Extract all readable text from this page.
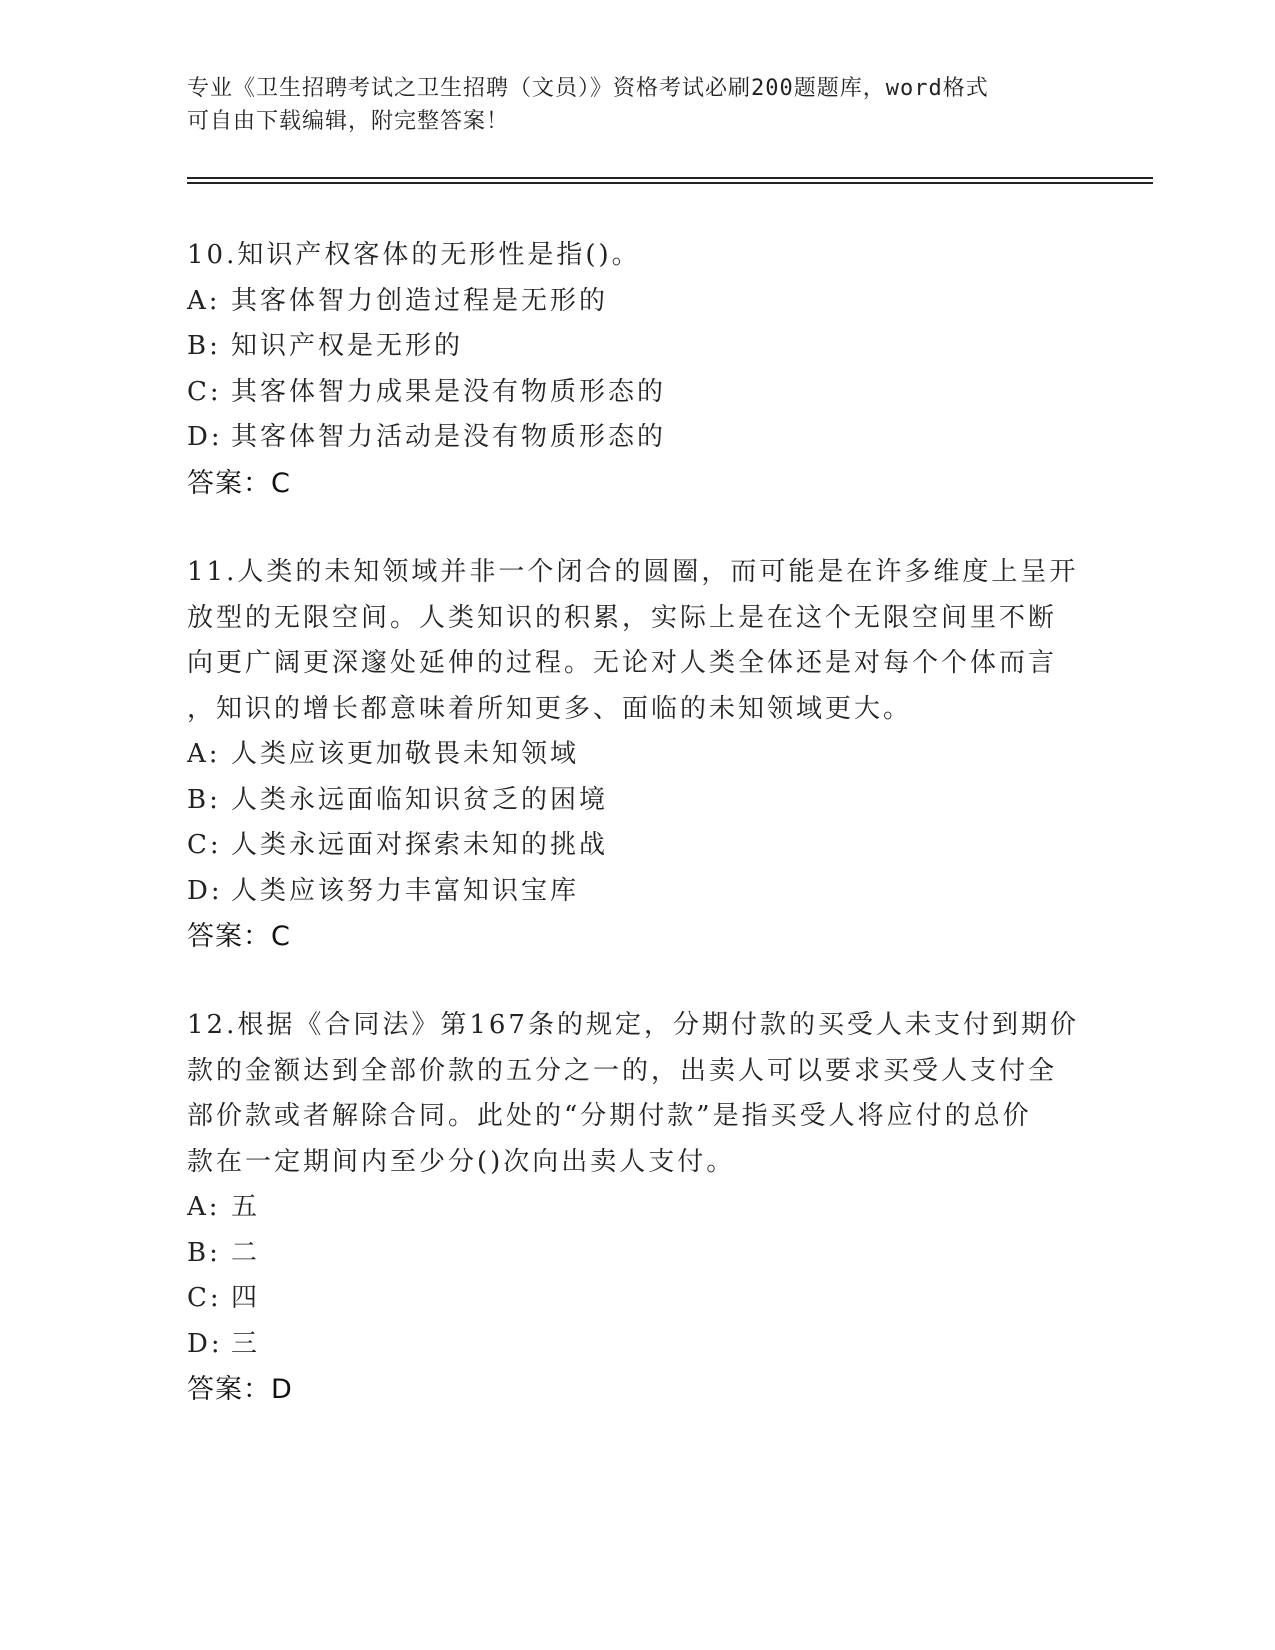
专业《卫生招聘考试之卫生招聘（文员）》资格考试必刷200题题库，word格式
可自由下载编辑，附完整答案！
10.知识产权客体的无形性是指()。
A: 其客体智力创造过程是无形的
B: 知识产权是无形的
C: 其客体智力成果是没有物质形态的
D: 其客体智力活动是没有物质形态的
答案：C
11.人类的未知领域并非一个闭合的圆圈，而可能是在许多维度上呈开
放型的无限空间。人类知识的积累，实际上是在这个无限空间里不断
向更广阔更深邃处延伸的过程。无论对人类全体还是对每个个体而言
，知识的增长都意味着所知更多、面临的未知领域更大。
A: 人类应该更加敬畏未知领域
B: 人类永远面临知识贫乏的困境
C: 人类永远面对探索未知的挑战
D: 人类应该努力丰富知识宝库
答案：C
12.根据《合同法》第167条的规定，分期付款的买受人未支付到期价
款的金额达到全部价款的五分之一的，出卖人可以要求买受人支付全
部价款或者解除合同。此处的“分期付款”是指买受人将应付的总价
款在一定期间内至少分()次向出卖人支付。
A: 五
B: 二
C: 四
D: 三
答案：D
